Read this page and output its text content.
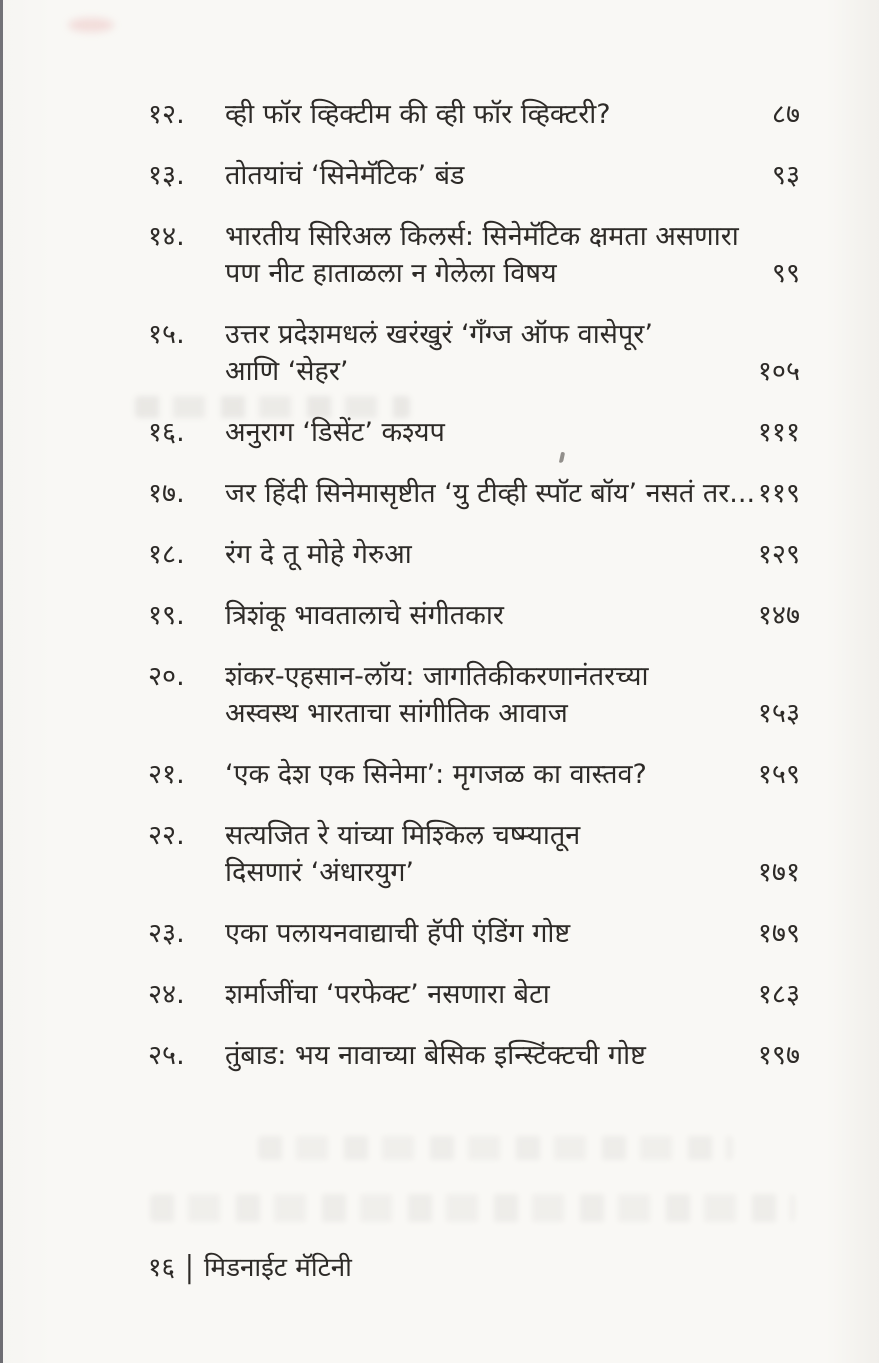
१२.	व्ही फॉर व्हिक्टीम की व्ही फॉर व्हिक्टरी?	८७
१३.	तोतयांचं ‘सिनेमॅटिक’ बंड	९३
१४.	भारतीय सिरिअल किलर्स: सिनेमॅटिक क्षमता असणारा
पण नीट हाताळला न गेलेला विषय	९९
१५.	उत्तर प्रदेशमधलं खरंखुरं ‘गँग्ज ऑफ वासेपूर’
आणि ‘सेहर’	१०५
१६.	अनुराग ‘डिसेंट’ कश्यप	१११
१७.	जर हिंदी सिनेमासृष्टीत ‘यु टीव्ही स्पॉट बॉय’ नसतं तर... ११९
१८.	रंग दे तू मोहे गेरुआ	१२९
१९.	त्रिशंकू भावतालाचे संगीतकार	१४७
२०.	शंकर-एहसान-लॉय: जागतिकीकरणानंतरच्या
अस्वस्थ भारताचा सांगीतिक आवाज	१५३
२१.	‘एक देश एक सिनेमा’: मृगजळ का वास्तव?	१५९
२२.	सत्यजित रे यांच्या मिश्किल चष्म्यातून
दिसणारं ‘अंधारयुग’	१७१
२३.	एका पलायनवाद्याची हॅपी एंडिंग गोष्ट	१७९
२४.	शर्माजींचा ‘परफेक्ट’ नसणारा बेटा	१८३
२५.	तुंबाड: भय नावाच्या बेसिक इन्स्टिंक्टची गोष्ट	१९७
१६ | मिडनाईट मॅटिनी
